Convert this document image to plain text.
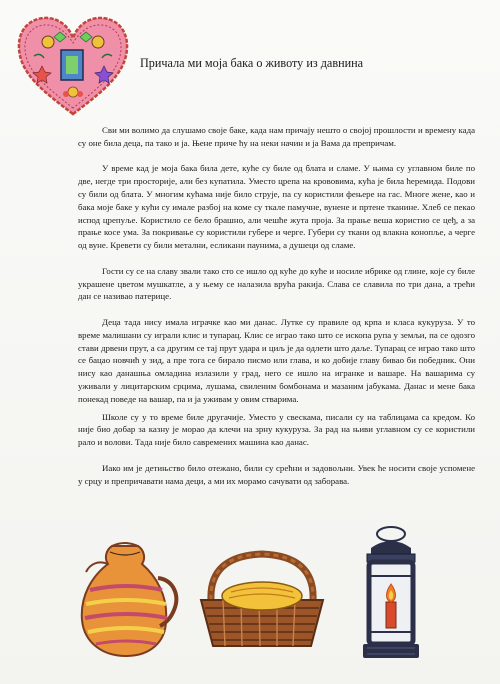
Причала ми моја бака о животу из давнина

Сви ми волимо да слушамо своје баке, када нам причају нешто о својој прошлости и времену када су оне била деца, па тако и ја. Њене приче ћу на неки начин и ја Вама да препричам.

У време кад је моја бака била дете, куће су биле од блата и сламе. У њима су углавном биле по две, негде три просторије, али без купатила. Уместо црепа на крововима, кућа је била ћеремида. Подови су били од блата. У многим кућама није било струје, па су користили фењере на гас. Многе жене, као и бака моје баке у кући су имале разбој на коме су ткале памучне, вунене и пртене тканине. Хлеб се пекао испод црепуље. Користило се бело брашно, али чешће жута проја. За прање веша користио се цеђ, а за прање косе ума. За покривање су користили губере и черге. Губери су ткани од влакна конопље, а черге од вуне. Кревети су били метални, есликани паунима, а душеци од сламе.

Гости су се на славу звали тако сто се ишло од куће до куће и носиле ибрике од глине, које су биле украшене цветом мушкатле, а у њему се налазила врућа ракија. Слава се славила по три дана, а трећи дан се називао патерице.

Деца тада нису имала играчке као ми данас. Лутке су правиле од крпа и класа кукуруза. У то време малишани су играли клис и тупарац. Клис се играо тако што се ископа рупа у земљи, па се одозго стави дрвени прут, а са другим се тај прут удара и циљ је да одлети што даље. Тупарац се играо тако што се бацао новчић у зид, а пре тога се бирало писмо или глава, и ко добије главу бивао би победник. Они нису као данашња омладина излазили у град, него се ишло на игранке и вашаре. На вашарима су уживали у лицитарским срцима, лушама, свиленим бомбонама и мазаним јабукама. Данас и мене бака понекад поведе на вашар, па и ја уживам у овим стварима.

Школе су у то време биле другачије. Уместо у свескама, писали су на таблицама са кредом. Ко није био добар за казну је морао да клечи на зрну кукуруза. За рад на њиви углавном су се користили рало и волови. Тада није било савремених машина као данас.

Иако им је детињство било отежано, били су срећни и задовољни. Увек ће носити своје успомене у срцу и препричавати нама деци, а ми их морамо сачувати од заборава.
